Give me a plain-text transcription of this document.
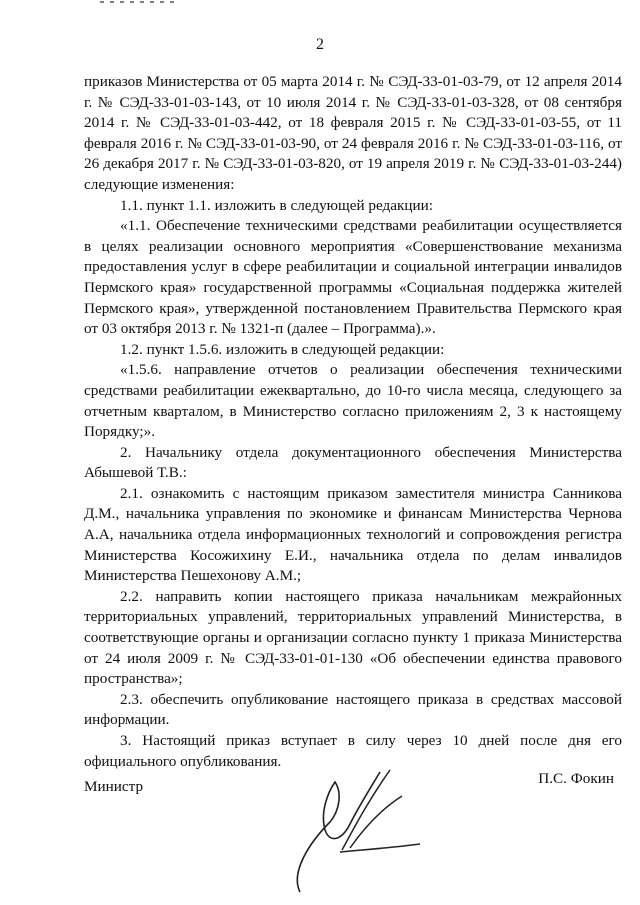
2

приказов Министерства от 05 марта 2014 г. № СЭД-33-01-03-79, от 12 апреля 2014 г. № СЭД-33-01-03-143, от 10 июля 2014 г. № СЭД-33-01-03-328, от 08 сентября 2014 г. № СЭД-33-01-03-442, от 18 февраля 2015 г. № СЭД-33-01-03-55, от 11 февраля 2016 г. № СЭД-33-01-03-90, от 24 февраля 2016 г. № СЭД-33-01-03-116, от 26 декабря 2017 г. № СЭД-33-01-03-820, от 19 апреля 2019 г. № СЭД-33-01-03-244) следующие изменения:

1.1. пункт 1.1. изложить в следующей редакции:

«1.1. Обеспечение техническими средствами реабилитации осуществляется в целях реализации основного мероприятия «Совершенствование механизма предоставления услуг в сфере реабилитации и социальной интеграции инвалидов Пермского края» государственной программы «Социальная поддержка жителей Пермского края», утвержденной постановлением Правительства Пермского края от 03 октября 2013 г. № 1321-п (далее – Программа).».

1.2. пункт 1.5.6. изложить в следующей редакции:

«1.5.6. направление отчетов о реализации обеспечения техническими средствами реабилитации ежеквартально, до 10-го числа месяца, следующего за отчетным кварталом, в Министерство согласно приложениям 2, 3 к настоящему Порядку;».

2. Начальнику отдела документационного обеспечения Министерства Абышевой Т.В.:

2.1. ознакомить с настоящим приказом заместителя министра Санникова Д.М., начальника управления по экономике и финансам Министерства Чернова А.А, начальника отдела информационных технологий и сопровождения регистра Министерства Косожихину Е.И., начальника отдела по делам инвалидов Министерства Пешехонову А.М.;

2.2. направить копии настоящего приказа начальникам межрайонных территориальных управлений, территориальных управлений Министерства, в соответствующие органы и организации согласно пункту 1 приказа Министерства от 24 июля 2009 г. № СЭД-33-01-01-130 «Об обеспечении единства правового пространства»;

2.3. обеспечить опубликование настоящего приказа в средствах массовой информации.

3. Настоящий приказ вступает в силу через 10 дней после дня его официального опубликования.

Министр	П.С. Фокин
